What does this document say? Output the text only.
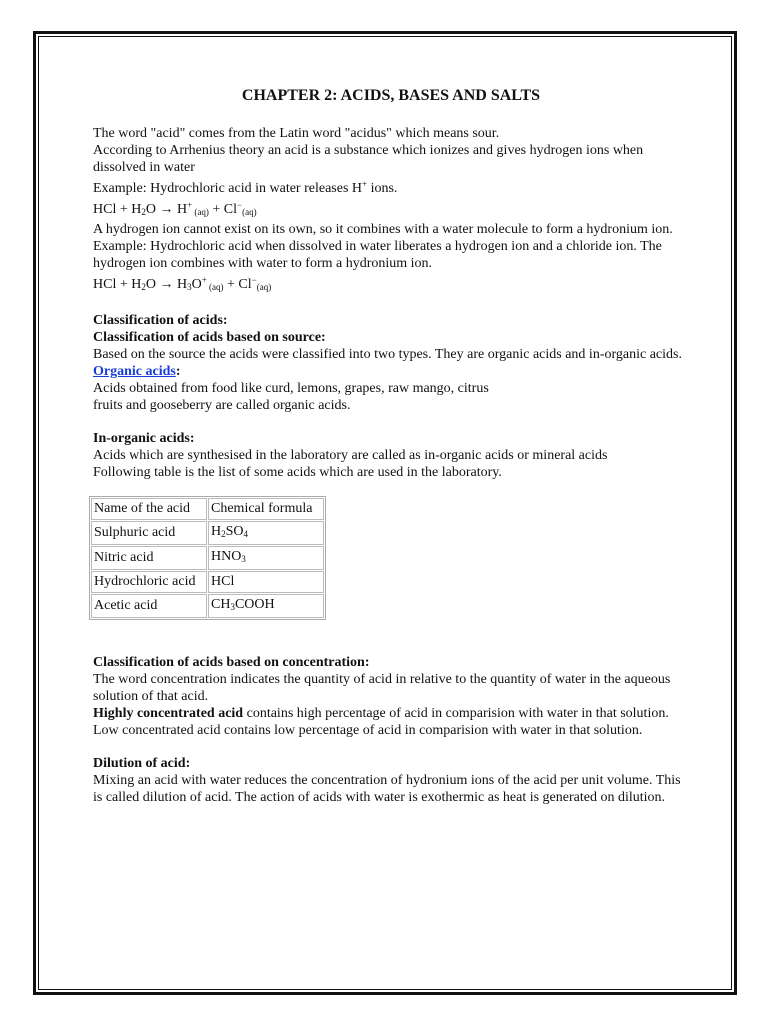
CHAPTER 2: ACIDS, BASES AND SALTS

The word "acid" comes from the Latin word "acidus" which means sour.

According to Arrhenius theory an acid is a substance which ionizes and gives hydrogen ions when dissolved in water

Example: Hydrochloric acid in water releases H+ ions.

HCl + $H_2O \to H^+$ $_{(aq)} + Cl^-_{(aq)}$

A hydrogen ion cannot exist on its own, so it combines with a water molecule to form a hydronium ion.

Example: Hydrochloric acid when dissolved in water liberates a hydrogen ion and a chloride ion. The hydrogen ion combines with water to form a hydronium ion.

HCl + $H_2O \to H_3O^+$ $_{(aq)} + Cl^-_{(aq)}$

Classification of acids:

Classification of acids based on source:

Based on the source the acids were classified into two types. They are organic acids and in-organic acids.

Organic acids:

Acids obtained from food like curd, lemons, grapes, raw mango, citrus

fruits and gooseberry are called organic acids.

In-organic acids:

Acids which are synthesised in the laboratory are called as in-organic acids or mineral acids

Following table is the list of some acids which are used in the laboratory.

Name of the acid	Chemical formula
Sulphuric acid	$H_2SO_4$
Nitric acid	$HNO_3$
Hydrochloric acid	HCl
Acetic acid	$CH_3COOH$

Classification of acids based on concentration:

The word concentration indicates the quantity of acid in relative to the quantity of water in the aqueous solution of that acid.

Highly concentrated acid contains high percentage of acid in comparision with water in that solution.

Low concentrated acid contains low percentage of acid in comparision with water in that solution.

Dilution of acid:

Mixing an acid with water reduces the concentration of hydronium ions of the acid per unit volume. This is called dilution of acid. The action of acids with water is exothermic as heat is generated on dilution.
